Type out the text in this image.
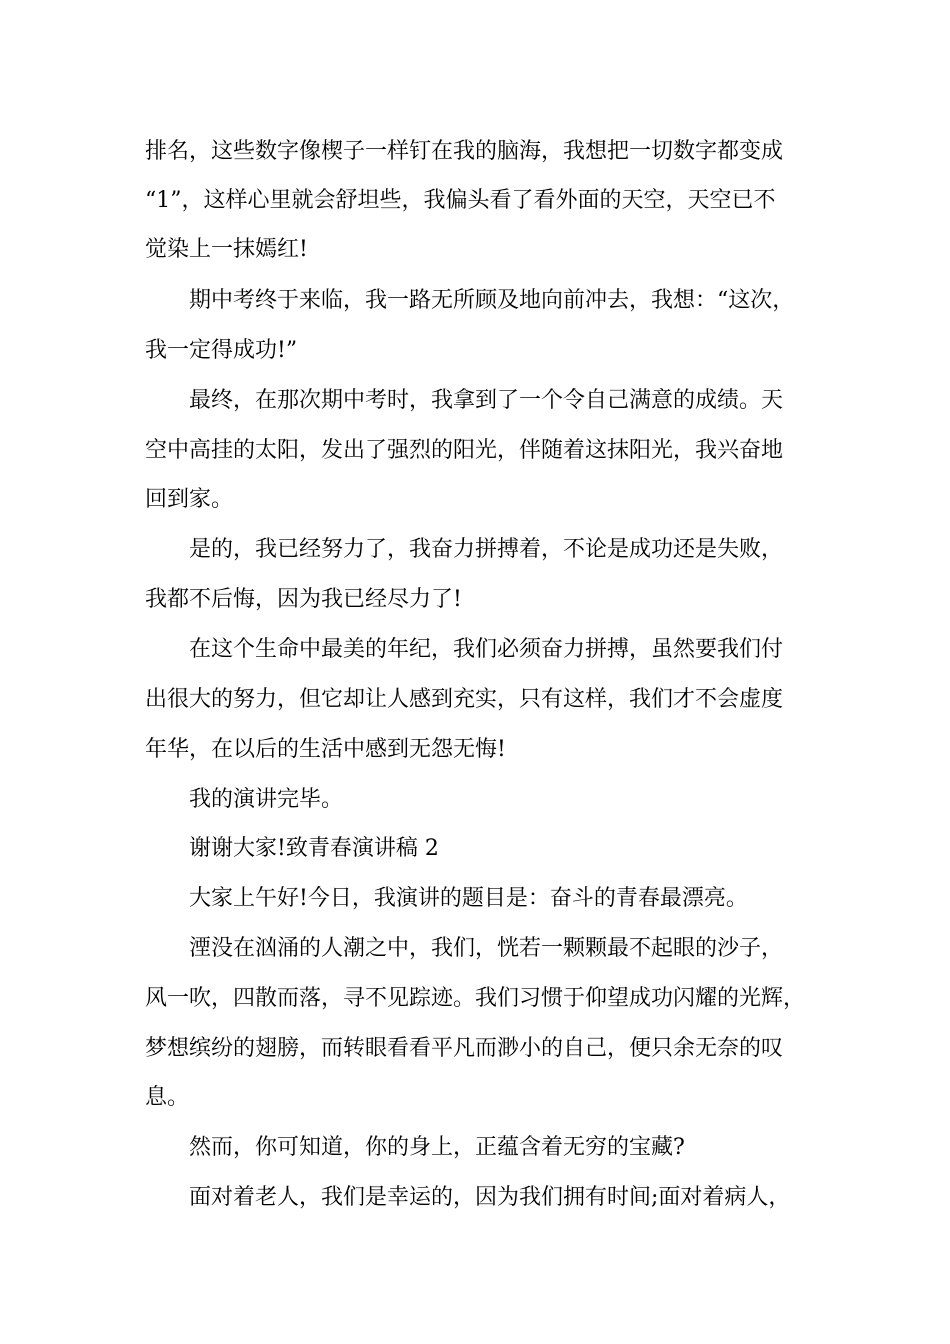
排名，这些数字像楔子一样钉在我的脑海，我想把一切数字都变成
“1”，这样心里就会舒坦些，我偏头看了看外面的天空，天空已不
觉染上一抹嫣红!
期中考终于来临，我一路无所顾及地向前冲去，我想：“这次，
我一定得成功!”
最终，在那次期中考时，我拿到了一个令自己满意的成绩。天
空中高挂的太阳，发出了强烈的阳光，伴随着这抹阳光，我兴奋地
回到家。
是的，我已经努力了，我奋力拼搏着，不论是成功还是失败，
我都不后悔，因为我已经尽力了!
在这个生命中最美的年纪，我们必须奋力拼搏，虽然要我们付
出很大的努力，但它却让人感到充实，只有这样，我们才不会虚度
年华，在以后的生活中感到无怨无悔!
我的演讲完毕。
谢谢大家!致青春演讲稿 2
大家上午好!今日，我演讲的题目是：奋斗的青春最漂亮。
湮没在汹涌的人潮之中，我们，恍若一颗颗最不起眼的沙子，
风一吹，四散而落，寻不见踪迹。我们习惯于仰望成功闪耀的光辉，
梦想缤纷的翅膀，而转眼看看平凡而渺小的自己，便只余无奈的叹
息。
然而，你可知道，你的身上，正蕴含着无穷的宝藏?
面对着老人，我们是幸运的，因为我们拥有时间;面对着病人，
